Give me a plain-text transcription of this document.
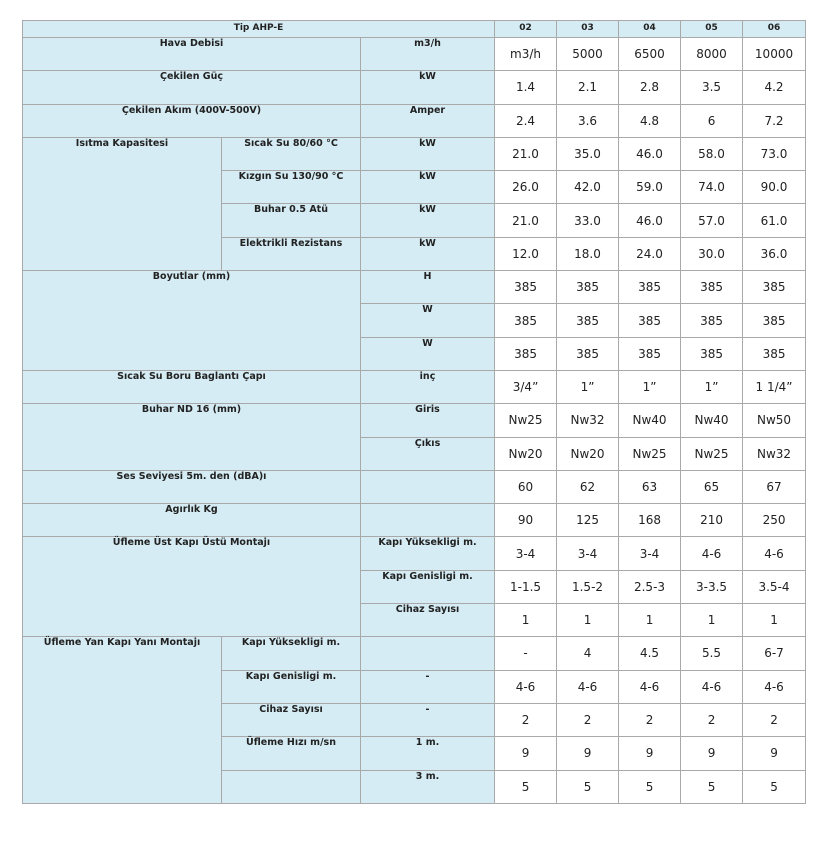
Tip AHP-E			02	03	04	05	06
Hava Debisi		m3/h	m3/h	5000	6500	8000	10000
Çekilen Güç		kW	1.4	2.1	2.8	3.5	4.2
Çekilen Akım (400V-500V)		Amper	2.4	3.6	4.8	6	7.2
Isıtma Kapasitesi	Sıcak Su 80/60 °C	kW	21.0	35.0	46.0	58.0	73.0
	Kızgın Su 130/90 °C	kW	26.0	42.0	59.0	74.0	90.0
	Buhar 0.5 Atü	kW	21.0	33.0	46.0	57.0	61.0
	Elektrikli Rezistans	kW	12.0	18.0	24.0	30.0	36.0
Boyutlar (mm)		H	385	385	385	385	385
		W	385	385	385	385	385
		W	385	385	385	385	385
Sıcak Su Boru Baglantı Çapı		inç	3/4”	1”	1”	1”	1 1/4”
Buhar ND 16 (mm)		Giris	Nw25	Nw32	Nw40	Nw40	Nw50
		Çıkıs	Nw20	Nw20	Nw25	Nw25	Nw32
Ses Seviyesi 5m. den (dBA)ı			60	62	63	65	67
Agırlık Kg			90	125	168	210	250
Üfleme Üst Kapı Üstü Montajı		Kapı Yüksekligi m.	3-4	3-4	3-4	4-6	4-6
		Kapı Genisligi m.	1-1.5	1.5-2	2.5-3	3-3.5	3.5-4
		Cihaz Sayısı	1	1	1	1	1
Üfleme Yan Kapı Yanı Montajı	Kapı Yüksekligi m.		-	4	4.5	5.5	6-7
	Kapı Genisligi m.	-	4-6	4-6	4-6	4-6	4-6
	Cihaz Sayısı	-	2	2	2	2	2
	Üfleme Hızı m/sn	1 m.	9	9	9	9	9
		3 m.	5	5	5	5	5
